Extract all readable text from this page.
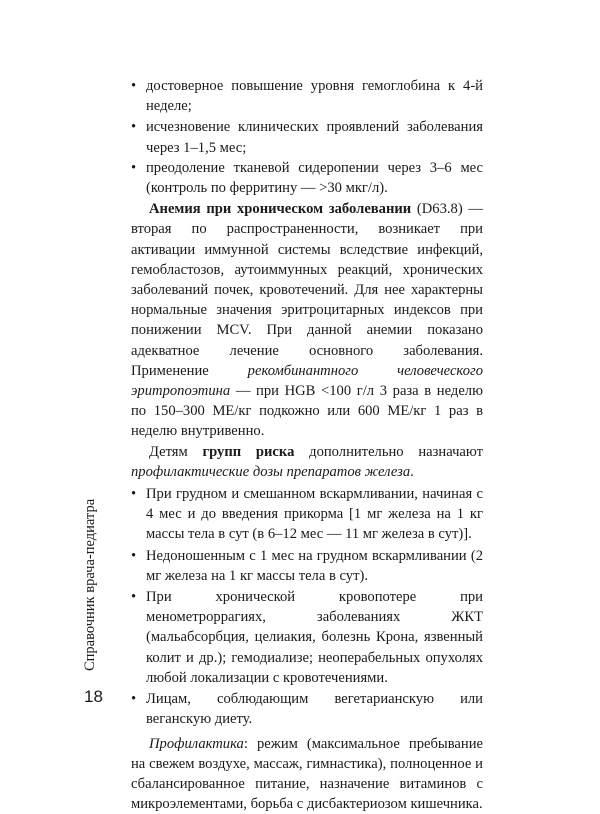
• достоверное повышение уровня гемоглобина к 4-й неделе;
• исчезновение клинических проявлений заболевания через 1–1,5 мес;
• преодоление тканевой сидеропении через 3–6 мес (контроль по ферритину — >30 мкг/л).

Анемия при хроническом заболевании (D63.8) — вторая по распространенности, возникает при активации иммунной системы вследствие инфекций, гемобластозов, аутоиммунных реакций, хронических заболеваний почек, кровотечений. Для нее характерны нормальные значения эритроцитарных индексов при понижении MCV. При данной анемии показано адекватное лечение основного заболевания. Применение рекомбинантного человеческого эритропоэтина — при HGB <100 г/л 3 раза в неделю по 150–300 МЕ/кг подкожно или 600 МЕ/кг 1 раз в неделю внутривенно.

Детям групп риска дополнительно назначают профилактические дозы препаратов железа.

• При грудном и смешанном вскармливании, начиная с 4 мес и до введения прикорма [1 мг железа на 1 кг массы тела в сут (в 6–12 мес — 11 мг железа в сут)].
• Недоношенным с 1 мес на грудном вскармливании (2 мг железа на 1 кг массы тела в сут).
• При хронической кровопотере при менометроррагиях, заболеваниях ЖКТ (мальабсорбция, целиакия, болезнь Крона, язвенный колит и др.); гемодиализе; неоперабельных опухолях любой локализации с кровотечениями.
• Лицам, соблюдающим вегетарианскую или веганскую диету.

Профилактика: режим (максимальное пребывание на свежем воздухе, массаж, гимнастика), полноценное и сбалансированное питание, назначение витаминов с микроэлементами, борьба с дисбактериозом кишечника.

Справочник врача-педиатра
18
